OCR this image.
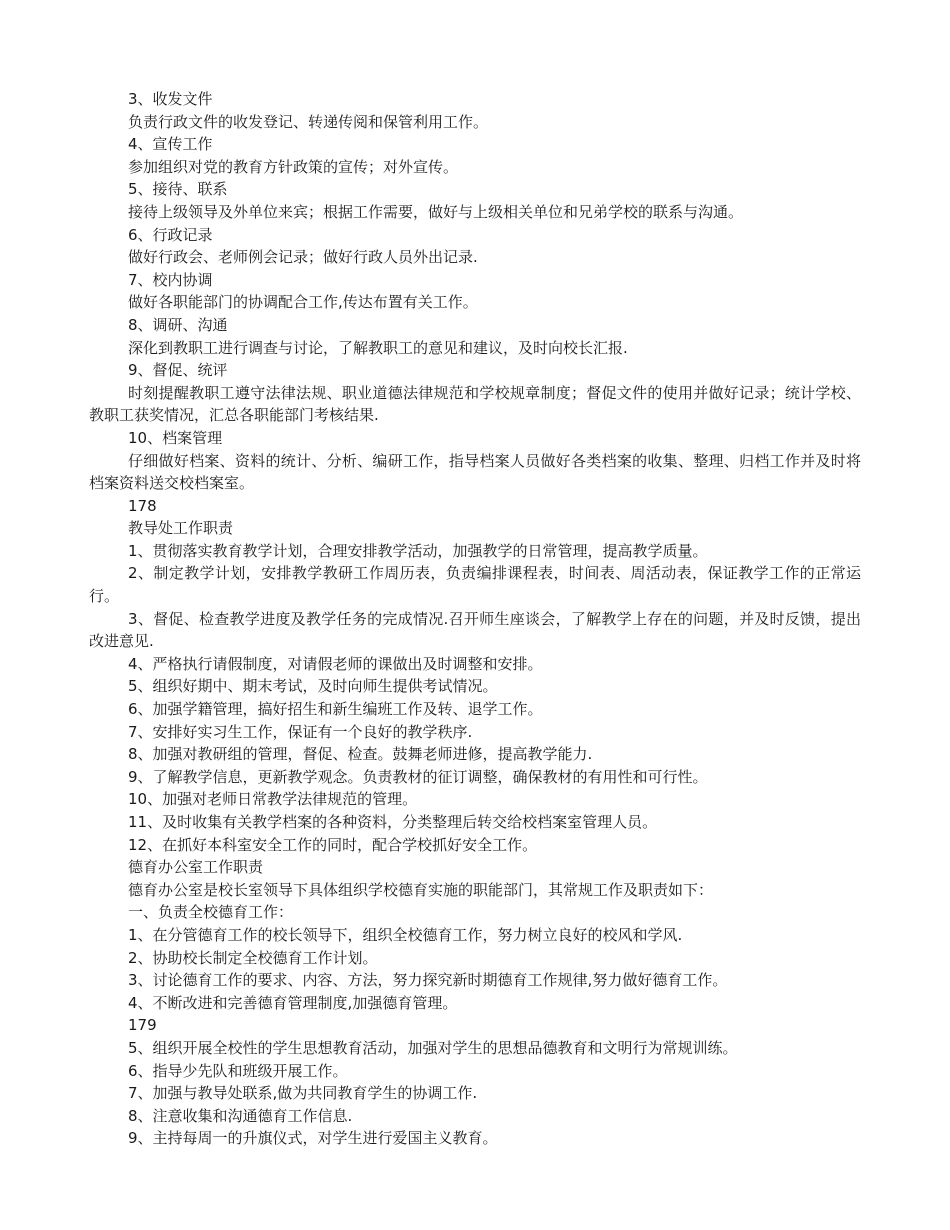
3、收发文件
负责行政文件的收发登记、转递传阅和保管利用工作。
4、宣传工作
参加组织对党的教育方针政策的宣传；对外宣传。
5、接待、联系
接待上级领导及外单位来宾；根据工作需要，做好与上级相关单位和兄弟学校的联系与沟通。
6、行政记录
做好行政会、老师例会记录；做好行政人员外出记录.
7、校内协调
做好各职能部门的协调配合工作,传达布置有关工作。
8、调研、沟通
深化到教职工进行调查与讨论，了解教职工的意见和建议，及时向校长汇报.
9、督促、统评
时刻提醒教职工遵守法律法规、职业道德法律规范和学校规章制度；督促文件的使用并做好记录；统计学校、教职工获奖情况，汇总各职能部门考核结果.
10、档案管理
仔细做好档案、资料的统计、分析、编研工作，指导档案人员做好各类档案的收集、整理、归档工作并及时将档案资料送交校档案室。
178
教导处工作职责
1、贯彻落实教育教学计划，合理安排教学活动，加强教学的日常管理，提高教学质量。
2、制定教学计划，安排教学教研工作周历表，负责编排课程表，时间表、周活动表，保证教学工作的正常运行。
3、督促、检查教学进度及教学任务的完成情况.召开师生座谈会，了解教学上存在的问题，并及时反馈，提出改进意见.
4、严格执行请假制度，对请假老师的课做出及时调整和安排。
5、组织好期中、期末考试，及时向师生提供考试情况。
6、加强学籍管理，搞好招生和新生编班工作及转、退学工作。
7、安排好实习生工作，保证有一个良好的教学秩序.
8、加强对教研组的管理，督促、检查。鼓舞老师进修，提高教学能力.
9、了解教学信息，更新教学观念。负责教材的征订调整，确保教材的有用性和可行性。
10、加强对老师日常教学法律规范的管理。
11、及时收集有关教学档案的各种资料，分类整理后转交给校档案室管理人员。
12、在抓好本科室安全工作的同时，配合学校抓好安全工作。
德育办公室工作职责
德育办公室是校长室领导下具体组织学校德育实施的职能部门，其常规工作及职责如下：
一、负责全校德育工作：
1、在分管德育工作的校长领导下，组织全校德育工作，努力树立良好的校风和学风.
2、协助校长制定全校德育工作计划。
3、讨论德育工作的要求、内容、方法，努力探究新时期德育工作规律,努力做好德育工作。
4、不断改进和完善德育管理制度,加强德育管理。
179
5、组织开展全校性的学生思想教育活动，加强对学生的思想品德教育和文明行为常规训练。
6、指导少先队和班级开展工作。
7、加强与教导处联系,做为共同教育学生的协调工作.
8、注意收集和沟通德育工作信息.
9、主持每周一的升旗仪式，对学生进行爱国主义教育。
